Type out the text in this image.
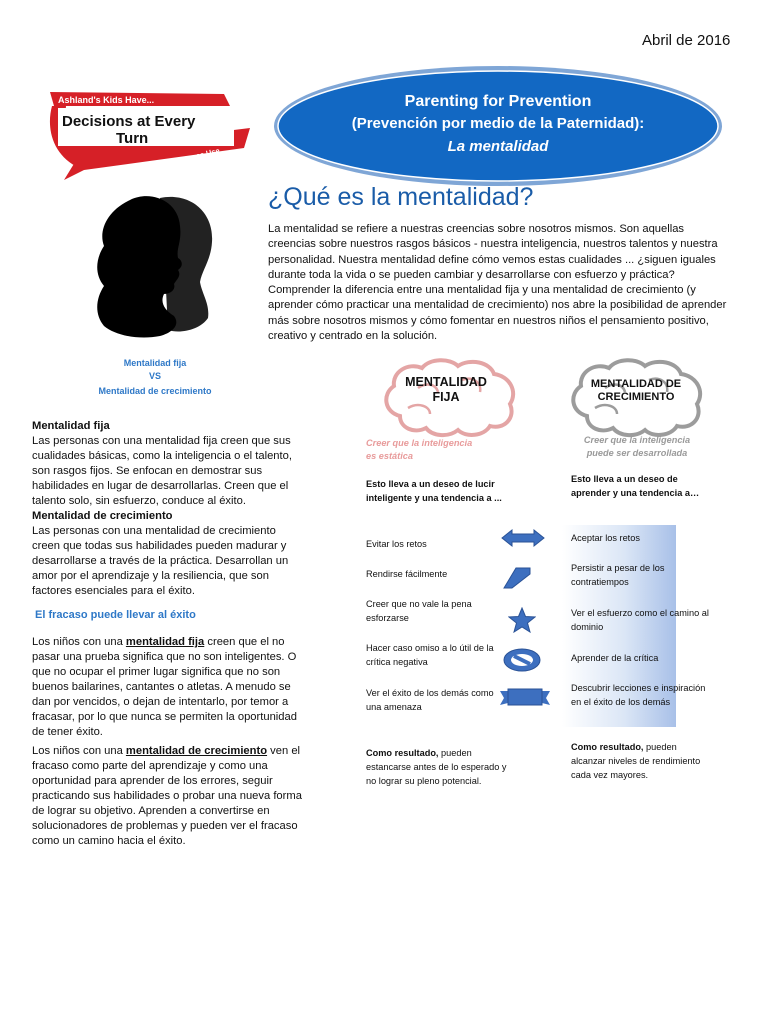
Abril de 2016
Ashland's Kids Have...
Decisions at Every
Turn
Prevent Youth Substance Use
Parenting for Prevention
(Prevención por medio de la Paternidad):
La mentalidad
¿Qué es la mentalidad?
La mentalidad se refiere a nuestras creencias sobre nosotros mismos. Son aquellas creencias sobre nuestros rasgos básicos - nuestra inteligencia, nuestros talentos y nuestra personalidad. Nuestra mentalidad define cómo vemos estas cualidades ... ¿siguen iguales durante toda la vida o se pueden cambiar y desarrollarse con esfuerzo y práctica? Comprender la diferencia entre una mentalidad fija y una mentalidad de crecimiento (y aprender cómo practicar una mentalidad de crecimiento) nos abre la posibilidad de aprender más sobre nosotros mismos y cómo fomentar en nuestros niños el pensamiento positivo, creativo y centrado en la solución.
Mentalidad fija
VS
Mentalidad de crecimiento
Mentalidad fija

Las personas con una mentalidad fija creen que sus cualidades básicas, como la inteligencia o el talento, son rasgos fijos. Se enfocan en demostrar sus habilidades en lugar de desarrollarlas. Creen que el talento solo, sin esfuerzo, conduce al éxito.

Mentalidad de crecimiento

Las personas con una mentalidad de crecimiento creen que todas sus habilidades pueden madurar y desarrollarse a través de la práctica. Desarrollan un amor por el aprendizaje y la resiliencia, que son factores esenciales para el éxito.

El fracaso puede llevar al éxito
Los niños con una mentalidad fija creen que el no pasar una prueba significa que no son inteligentes. O que no ocupar el primer lugar significa que no son buenos bailarines, cantantes o atletas. A menudo se dan por vencidos, o dejan de intentarlo, por temor a fracasar, por lo que nunca se permiten la oportunidad de tener éxito.
Los niños con una mentalidad de crecimiento ven el fracaso como parte del aprendizaje y como una oportunidad para aprender de los errores, seguir practicando sus habilidades o probar una nueva forma de lograr su objetivo. Aprenden a convertirse en solucionadores de problemas y pueden ver el fracaso como un camino hacia el éxito.
MENTALIDAD
FIJA
MENTALIDAD DE
CRECIMIENTO
Creer que la inteligencia
es estática
Creer que la inteligencia
puede ser desarrollada
Esto lleva a un deseo de lucir inteligente y una tendencia a ...
Esto lleva a un deseo de aprender y una tendencia a…
Evitar los retos
Rendirse fácilmente
Creer que no vale la pena esforzarse
Hacer caso omiso a lo útil de la crítica negativa
Ver el éxito de los demás como una amenaza
Aceptar los retos
Persistir a pesar de los contratiempos
Ver el esfuerzo como el camino al dominio
Aprender de la crítica
Descubrir lecciones e inspiración en el éxito de los demás
Como resultado, pueden estancarse antes de lo esperado y no lograr su pleno potencial.
Como resultado, pueden alcanzar niveles de rendimiento cada vez mayores.
